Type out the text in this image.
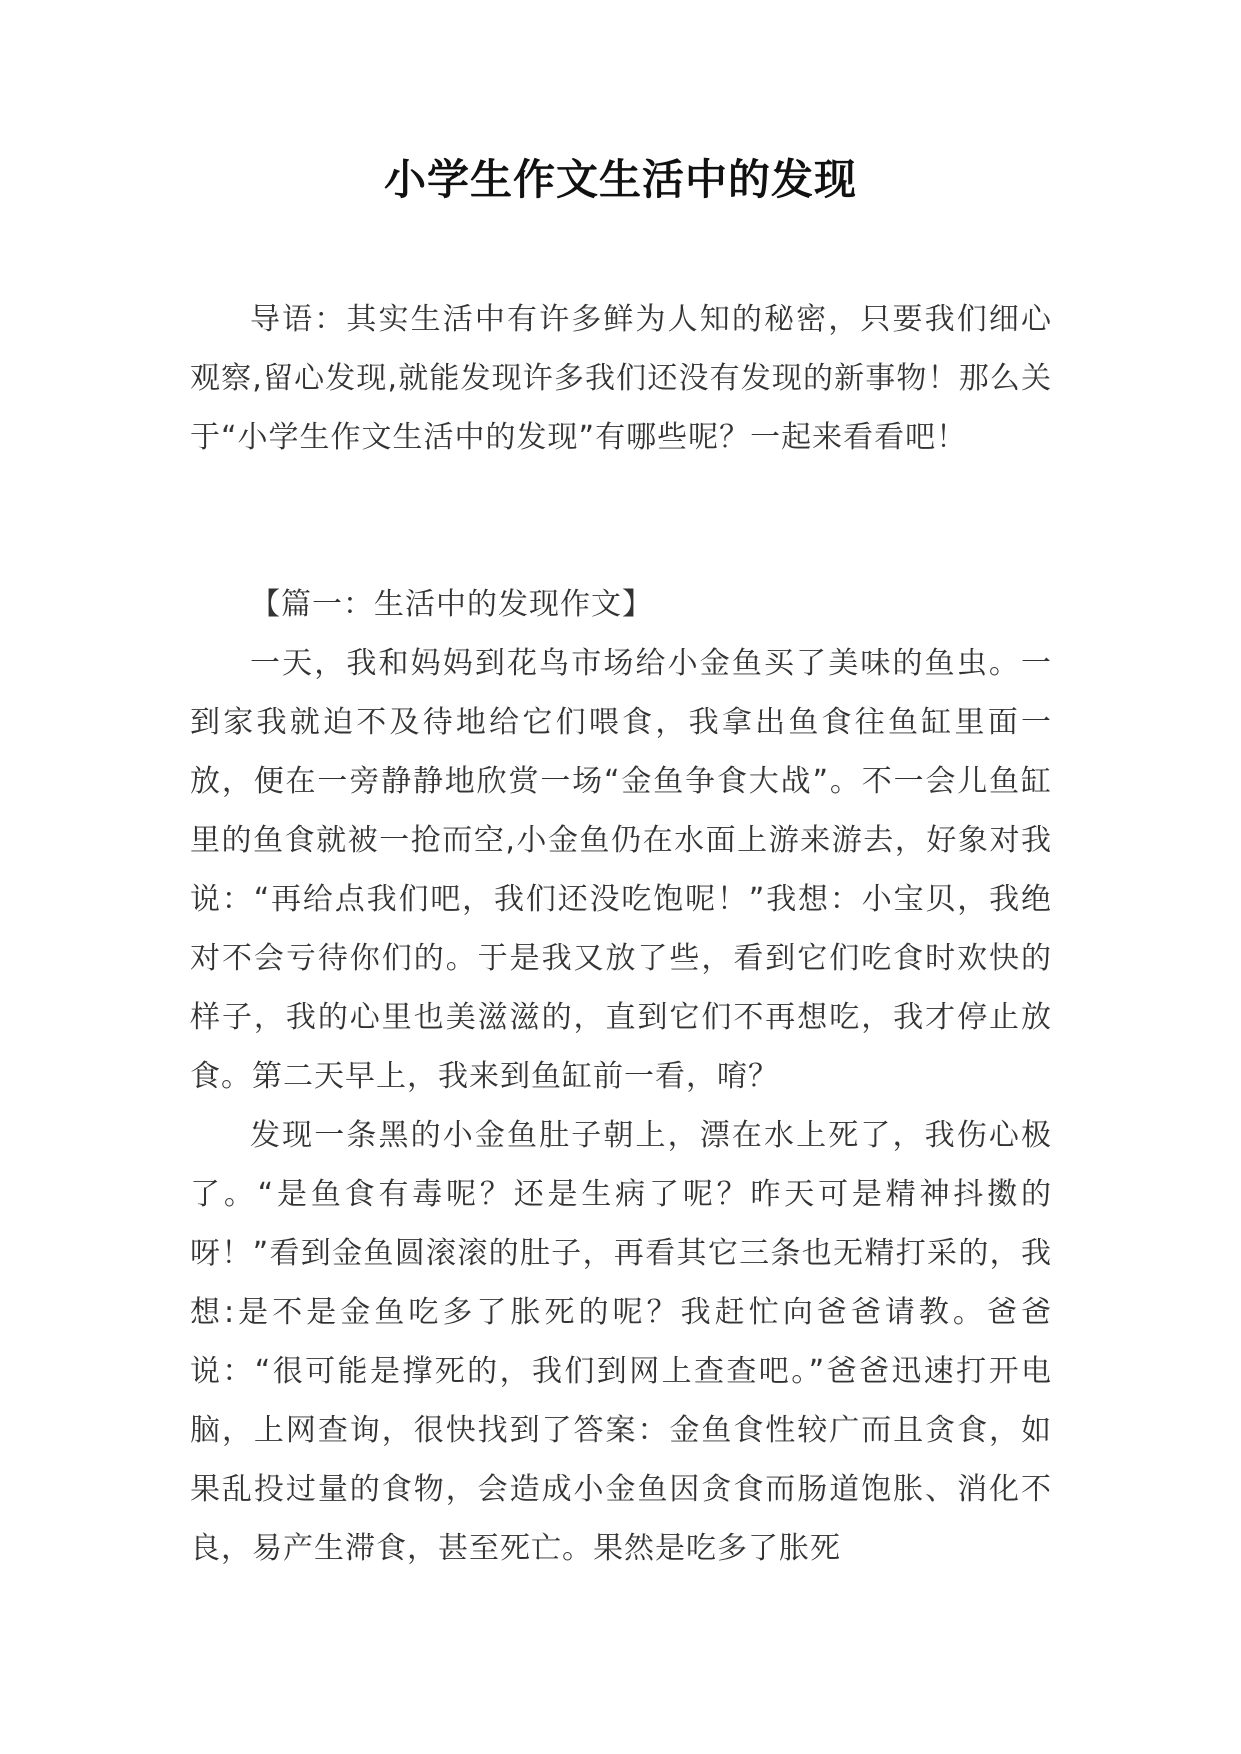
小学生作文生活中的发现

导语：其实生活中有许多鲜为人知的秘密，只要我们细心观察,留心发现,就能发现许多我们还没有发现的新事物！那么关于“小学生作文生活中的发现”有哪些呢？一起来看看吧！

【篇一：生活中的发现作文】

一天，我和妈妈到花鸟市场给小金鱼买了美味的鱼虫。一到家我就迫不及待地给它们喂食，我拿出鱼食往鱼缸里面一放，便在一旁静静地欣赏一场“金鱼争食大战”。不一会儿鱼缸里的鱼食就被一抢而空,小金鱼仍在水面上游来游去，好象对我说：“再给点我们吧，我们还没吃饱呢！”我想：小宝贝，我绝对不会亏待你们的。于是我又放了些，看到它们吃食时欢快的样子，我的心里也美滋滋的，直到它们不再想吃，我才停止放食。第二天早上，我来到鱼缸前一看，唷？

发现一条黑的小金鱼肚子朝上，漂在水上死了，我伤心极了。“是鱼食有毒呢？还是生病了呢？昨天可是精神抖擞的呀！”看到金鱼圆滚滚的肚子，再看其它三条也无精打采的，我想:是不是金鱼吃多了胀死的呢？我赶忙向爸爸请教。爸爸说：“很可能是撑死的，我们到网上查查吧。”爸爸迅速打开电脑，上网查询，很快找到了答案：金鱼食性较广而且贪食，如果乱投过量的食物，会造成小金鱼因贪食而肠道饱胀、消化不良，易产生滞食，甚至死亡。果然是吃多了胀死
